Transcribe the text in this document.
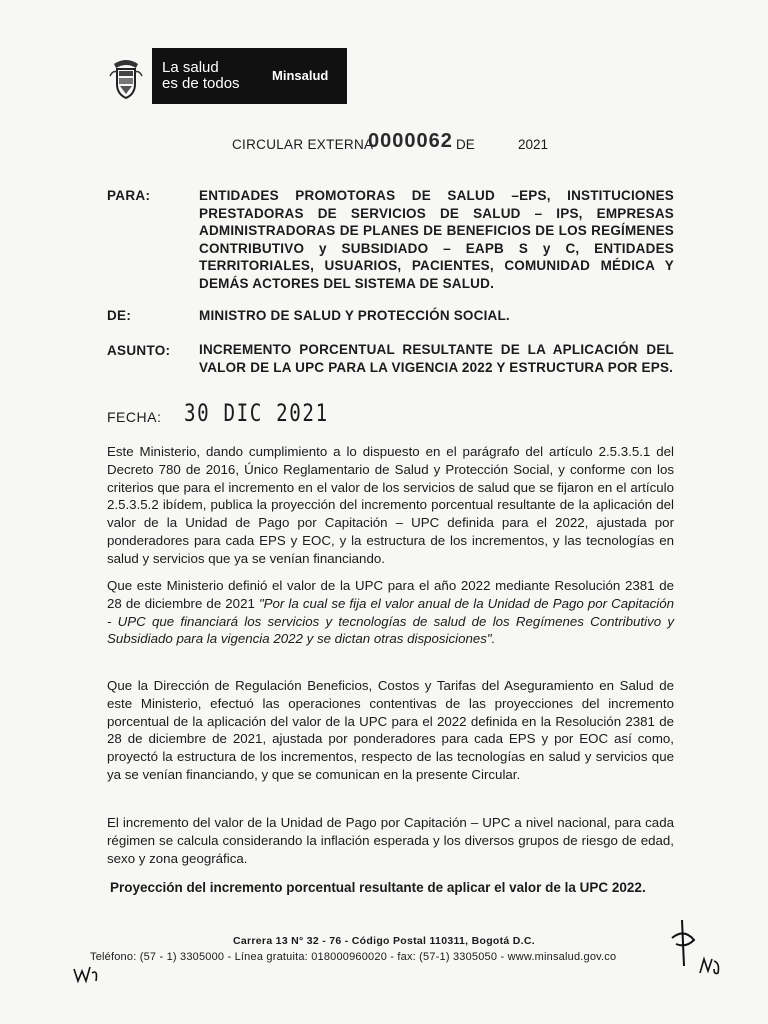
La salud
es de todos Minsalud
CIRCULAR EXTERNA
0000062 DE	2021
PARA:	ENTIDADES PROMOTORAS DE SALUD –EPS, INSTITUCIONES PRESTADORAS DE SERVICIOS DE SALUD – IPS, EMPRESAS ADMINISTRADORAS DE PLANES DE BENEFICIOS DE LOS REGÍMENES CONTRIBUTIVO y SUBSIDIADO – EAPB S y C, ENTIDADES TERRITORIALES, USUARIOS, PACIENTES, COMUNIDAD MÉDICA Y DEMÁS ACTORES DEL SISTEMA DE SALUD.
DE:	MINISTRO DE SALUD Y PROTECCIÓN SOCIAL.
ASUNTO: INCREMENTO PORCENTUAL RESULTANTE DE LA APLICACIÓN DEL VALOR DE LA UPC PARA LA VIGENCIA 2022 Y ESTRUCTURA POR EPS.
FECHA: 30 DIC 2021
Este Ministerio, dando cumplimiento a lo dispuesto en el parágrafo del artículo 2.5.3.5.1 del Decreto 780 de 2016, Único Reglamentario de Salud y Protección Social, y conforme con los criterios que para el incremento en el valor de los servicios de salud que se fijaron en el artículo 2.5.3.5.2 ibídem, publica la proyección del incremento porcentual resultante de la aplicación del valor de la Unidad de Pago por Capitación – UPC definida para el 2022, ajustada por ponderadores para cada EPS y EOC, y la estructura de los incrementos, y las tecnologías en salud y servicios que ya se venían financiando.
Que este Ministerio definió el valor de la UPC para el año 2022 mediante Resolución 2381 de 28 de diciembre de 2021 "Por la cual se fija el valor anual de la Unidad de Pago por Capitación - UPC que financiará los servicios y tecnologías de salud de los Regímenes Contributivo y Subsidiado para la vigencia 2022 y se dictan otras disposiciones".
Que la Dirección de Regulación Beneficios, Costos y Tarifas del Aseguramiento en Salud de este Ministerio, efectuó las operaciones contentivas de las proyecciones del incremento porcentual de la aplicación del valor de la UPC para el 2022 definida en la Resolución 2381 de 28 de diciembre de 2021, ajustada por ponderadores para cada EPS y por EOC así como, proyectó la estructura de los incrementos, respecto de las tecnologías en salud y servicios que ya se venían financiando, y que se comunican en la presente Circular.
El incremento del valor de la Unidad de Pago por Capitación – UPC a nivel nacional, para cada régimen se calcula considerando la inflación esperada y los diversos grupos de riesgo de edad, sexo y zona geográfica.
Proyección del incremento porcentual resultante de aplicar el valor de la UPC 2022.
Carrera 13 N° 32 - 76 - Código Postal 110311, Bogotá D.C.
Teléfono: (57 - 1) 3305000 - Línea gratuita: 018000960020 - fax: (57-1) 3305050 - www.minsalud.gov.co
